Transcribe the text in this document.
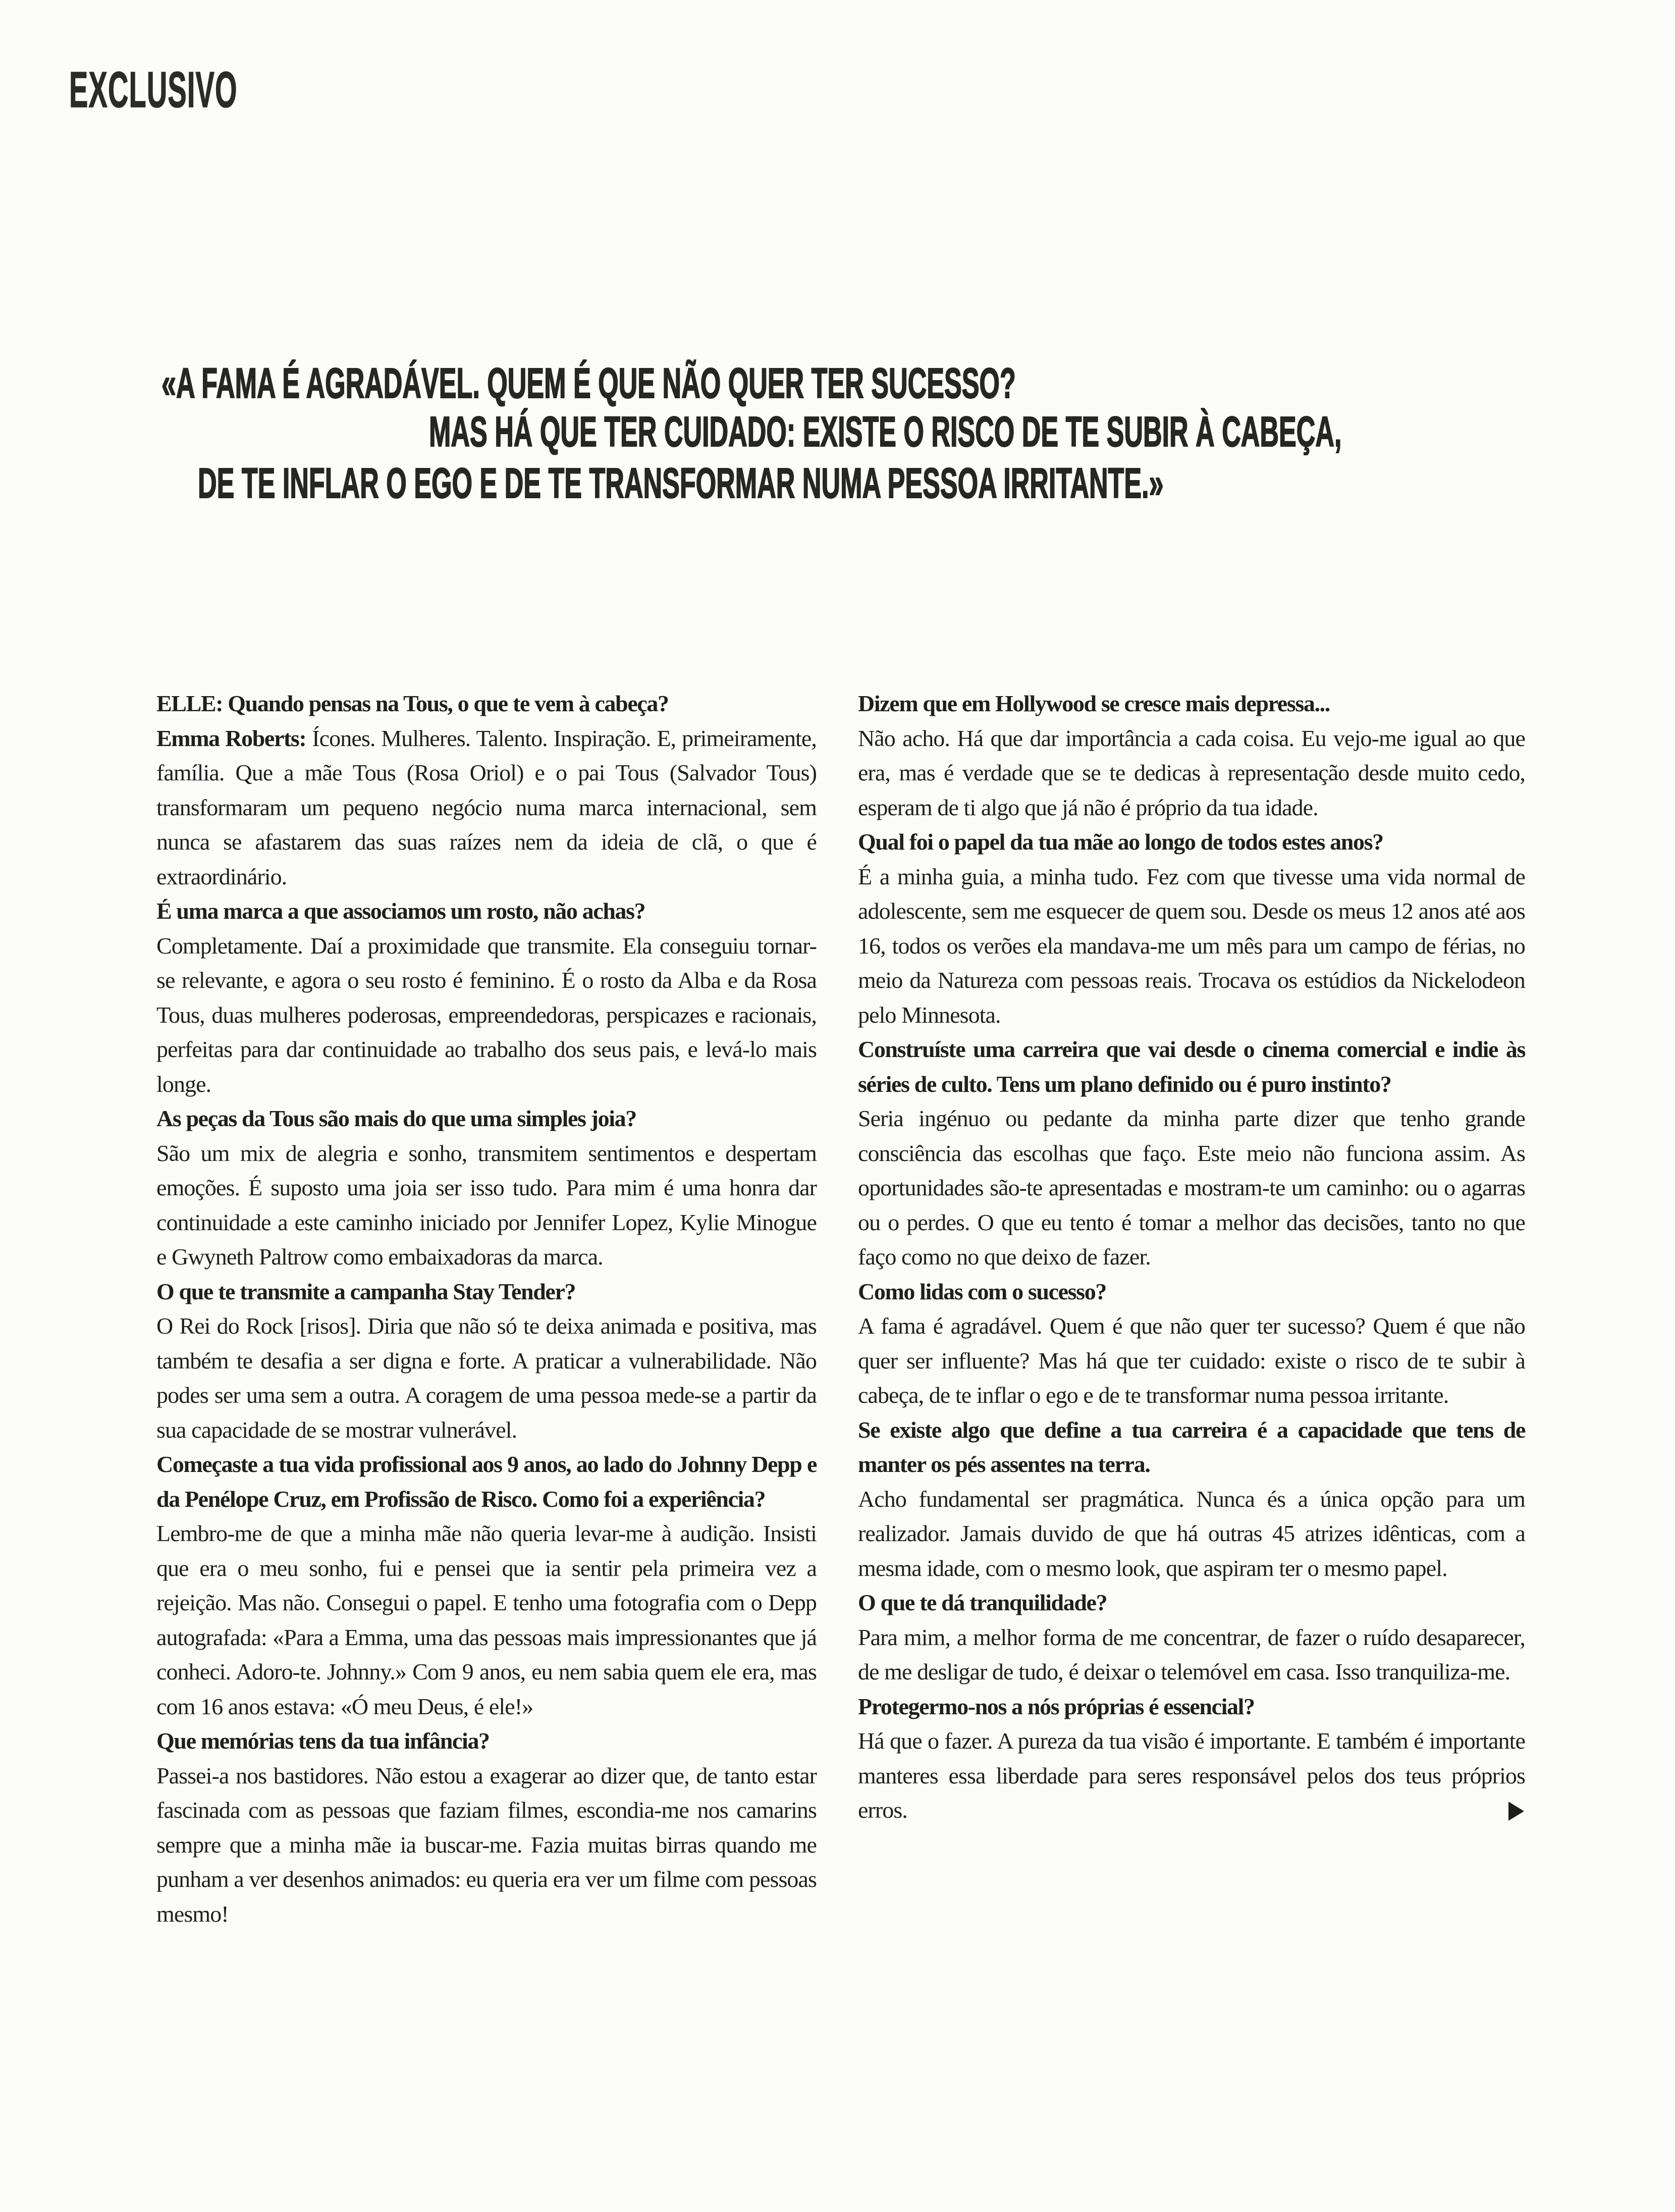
EXCLUSIVO
«A FAMA É AGRADÁVEL. QUEM É QUE NÃO QUER TER SUCESSO?
MAS HÁ QUE TER CUIDADO: EXISTE O RISCO DE TE SUBIR À CABEÇA,
DE TE INFLAR O EGO E DE TE TRANSFORMAR NUMA PESSOA IRRITANTE.»

ELLE: Quando pensas na Tous, o que te vem à cabeça?

Emma Roberts: Ícones. Mulheres. Talento. Inspiração. E, primeiramente, família. Que a mãe Tous (Rosa Oriol) e o pai Tous (Salvador Tous) transformaram um pequeno negócio numa marca internacional, sem nunca se afastarem das suas raízes nem da ideia de clã, o que é extraordinário.

É uma marca a que associamos um rosto, não achas?

Completamente. Daí a proximidade que transmite. Ela conseguiu tornar-se relevante, e agora o seu rosto é feminino. É o rosto da Alba e da Rosa Tous, duas mulheres poderosas, empreendedoras, perspicazes e racionais, perfeitas para dar continuidade ao trabalho dos seus pais, e levá-lo mais longe.

As peças da Tous são mais do que uma simples joia?

São um mix de alegria e sonho, transmitem sentimentos e despertam emoções. É suposto uma joia ser isso tudo. Para mim é uma honra dar continuidade a este caminho iniciado por Jennifer Lopez, Kylie Minogue e Gwyneth Paltrow como embaixadoras da marca.

O que te transmite a campanha Stay Tender?

O Rei do Rock [risos]. Diria que não só te deixa animada e positiva, mas também te desafia a ser digna e forte. A praticar a vulnerabilidade. Não podes ser uma sem a outra. A coragem de uma pessoa mede-se a partir da sua capacidade de se mostrar vulnerável.

Começaste a tua vida profissional aos 9 anos, ao lado do Johnny Depp e da Penélope Cruz, em Profissão de Risco. Como foi a experiência?

Lembro-me de que a minha mãe não queria levar-me à audição. Insisti que era o meu sonho, fui e pensei que ia sentir pela primeira vez a rejeição. Mas não. Consegui o papel. E tenho uma fotografia com o Depp autografada: «Para a Emma, uma das pessoas mais impressionantes que já conheci. Adoro-te. Johnny.» Com 9 anos, eu nem sabia quem ele era, mas com 16 anos estava: «Ó meu Deus, é ele!»

Que memórias tens da tua infância?

Passei-a nos bastidores. Não estou a exagerar ao dizer que, de tanto estar fascinada com as pessoas que faziam filmes, escondia-me nos camarins sempre que a minha mãe ia buscar-me. Fazia muitas birras quando me punham a ver desenhos animados: eu queria era ver um filme com pessoas mesmo!

Dizem que em Hollywood se cresce mais depressa...

Não acho. Há que dar importância a cada coisa. Eu vejo-me igual ao que era, mas é verdade que se te dedicas à representação desde muito cedo, esperam de ti algo que já não é próprio da tua idade.

Qual foi o papel da tua mãe ao longo de todos estes anos?

É a minha guia, a minha tudo. Fez com que tivesse uma vida normal de adolescente, sem me esquecer de quem sou. Desde os meus 12 anos até aos 16, todos os verões ela mandava-me um mês para um campo de férias, no meio da Natureza com pessoas reais. Trocava os estúdios da Nickelodeon pelo Minnesota.

Construíste uma carreira que vai desde o cinema comercial e indie às séries de culto. Tens um plano definido ou é puro instinto?

Seria ingénuo ou pedante da minha parte dizer que tenho grande consciência das escolhas que faço. Este meio não funciona assim. As oportunidades são-te apresentadas e mostram-te um caminho: ou o agarras ou o perdes. O que eu tento é tomar a melhor das decisões, tanto no que faço como no que deixo de fazer.

Como lidas com o sucesso?

A fama é agradável. Quem é que não quer ter sucesso? Quem é que não quer ser influente? Mas há que ter cuidado: existe o risco de te subir à cabeça, de te inflar o ego e de te transformar numa pessoa irritante.

Se existe algo que define a tua carreira é a capacidade que tens de manter os pés assentes na terra.

Acho fundamental ser pragmática. Nunca és a única opção para um realizador. Jamais duvido de que há outras 45 atrizes idênticas, com a mesma idade, com o mesmo look, que aspiram ter o mesmo papel.

O que te dá tranquilidade?

Para mim, a melhor forma de me concentrar, de fazer o ruído desaparecer, de me desligar de tudo, é deixar o telemóvel em casa. Isso tranquiliza-me.

Protegermo-nos a nós próprias é essencial?

Há que o fazer. A pureza da tua visão é importante. E também é importante manteres essa liberdade para seres responsável pelos dos teus próprios erros.
